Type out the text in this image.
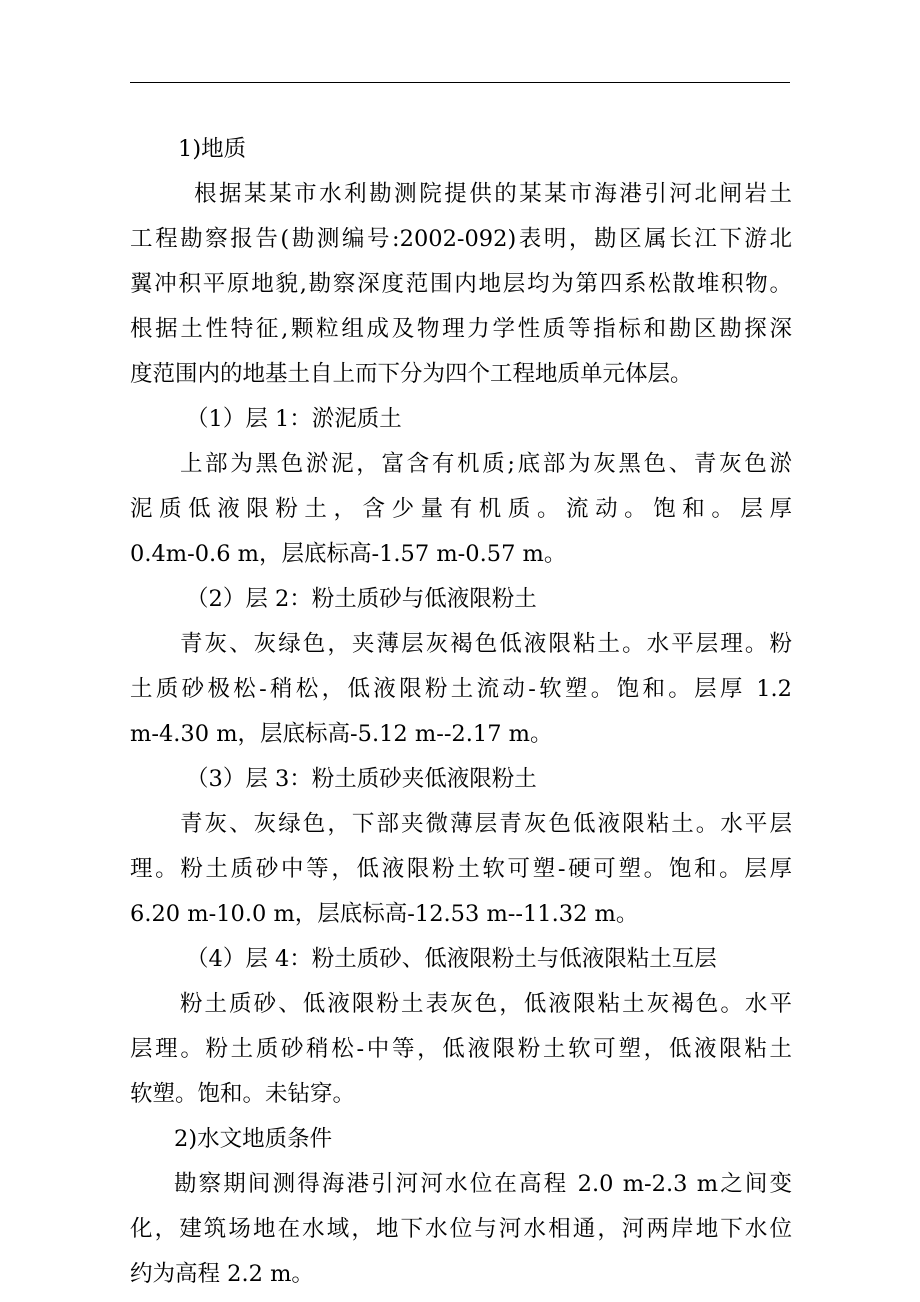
1)地质
根据某某市水利勘测院提供的某某市海港引河北闸岩土
工程勘察报告(勘测编号:2002-092)表明，勘区属长江下游北
翼冲积平原地貌,勘察深度范围内地层均为第四系松散堆积物。
根据土性特征,颗粒组成及物理力学性质等指标和勘区勘探深
度范围内的地基土自上而下分为四个工程地质单元体层。
（1）层 1：淤泥质土
上部为黑色淤泥，富含有机质;底部为灰黑色、青灰色淤
泥质低液限粉土，含少量有机质。流动。饱和。层厚
0.4m-0.6 m，层底标高-1.57 m-0.57 m。
（2）层 2：粉土质砂与低液限粉土
青灰、灰绿色，夹薄层灰褐色低液限粘土。水平层理。粉
土质砂极松-稍松，低液限粉土流动-软塑。饱和。层厚 1.2
m-4.30 m，层底标高-5.12 m--2.17 m。
（3）层 3：粉土质砂夹低液限粉土
青灰、灰绿色，下部夹微薄层青灰色低液限粘土。水平层
理。粉土质砂中等，低液限粉土软可塑-硬可塑。饱和。层厚
6.20 m-10.0 m，层底标高-12.53 m--11.32 m。
（4）层 4：粉土质砂、低液限粉土与低液限粘土互层
粉土质砂、低液限粉土表灰色，低液限粘土灰褐色。水平
层理。粉土质砂稍松-中等，低液限粉土软可塑，低液限粘土
软塑。饱和。未钻穿。
2)水文地质条件
勘察期间测得海港引河河水位在高程 2.0 m-2.3 m之间变
化，建筑场地在水域，地下水位与河水相通，河两岸地下水位
约为高程 2.2 m。
